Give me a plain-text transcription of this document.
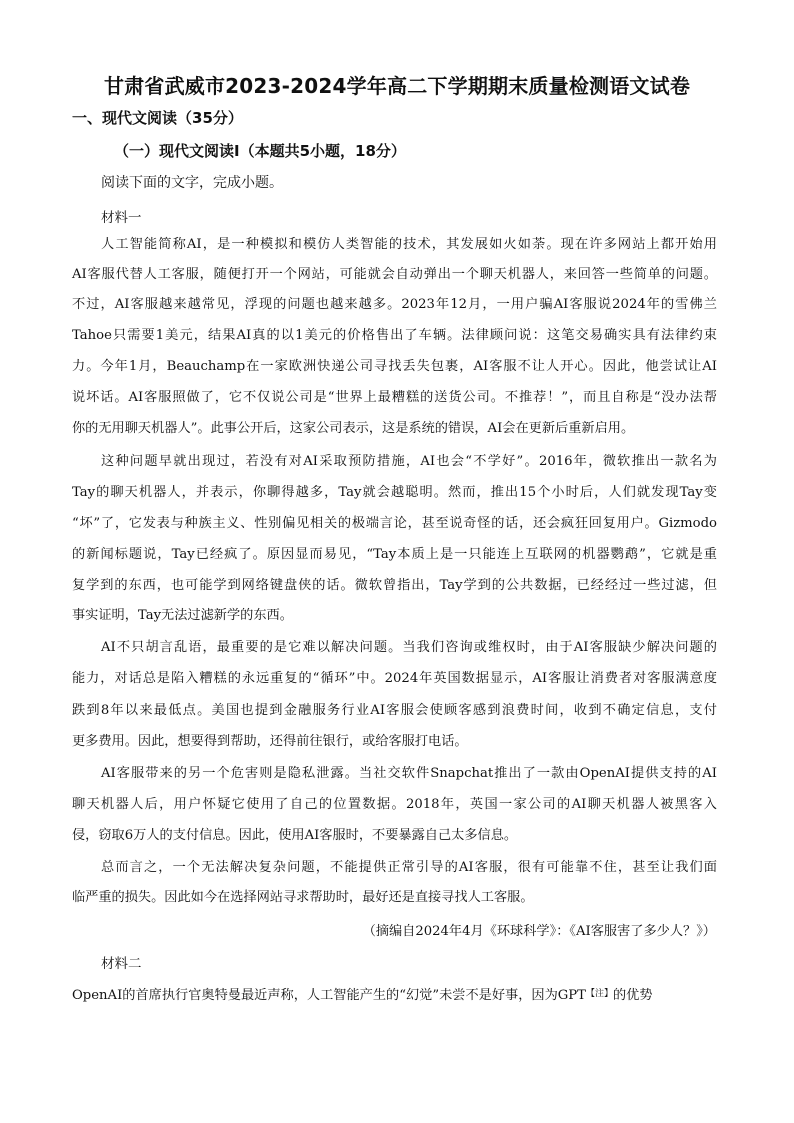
甘肃省武威市2023-2024学年高二下学期期末质量检测语文试卷
一、现代文阅读（35分）
（一）现代文阅读Ⅰ（本题共5小题，18分）
阅读下面的文字，完成小题。
材料一
人工智能简称AI，是一种模拟和模仿人类智能的技术，其发展如火如荼。现在许多网站上都开始用
AI客服代替人工客服，随便打开一个网站，可能就会自动弹出一个聊天机器人，来回答一些简单的问题。
不过，AI客服越来越常见，浮现的问题也越来越多。2023年12月，一用户骗AI客服说2024年的雪佛兰
Tahoe只需要1美元，结果AI真的以1美元的价格售出了车辆。法律顾问说：这笔交易确实具有法律约束
力。今年1月，Beauchamp在一家欧洲快递公司寻找丢失包裹，AI客服不让人开心。因此，他尝试让AI
说坏话。AI客服照做了，它不仅说公司是“世界上最糟糕的送货公司。不推荐！”，而且自称是“没办法帮
你的无用聊天机器人”。此事公开后，这家公司表示，这是系统的错误，AI会在更新后重新启用。
这种问题早就出现过，若没有对AI采取预防措施，AI也会“不学好”。2016年，微软推出一款名为
Tay的聊天机器人，并表示，你聊得越多，Tay就会越聪明。然而，推出15个小时后，人们就发现Tay变
“坏”了，它发表与种族主义、性别偏见相关的极端言论，甚至说奇怪的话，还会疯狂回复用户。Gizmodo
的新闻标题说，Tay已经疯了。原因显而易见，“Tay本质上是一只能连上互联网的机器鹦鹉”，它就是重
复学到的东西，也可能学到网络键盘侠的话。微软曾指出，Tay学到的公共数据，已经经过一些过滤，但
事实证明，Tay无法过滤新学的东西。
AI不只胡言乱语，最重要的是它难以解决问题。当我们咨询或维权时，由于AI客服缺少解决问题的
能力，对话总是陷入糟糕的永远重复的“循环”中。2024年英国数据显示，AI客服让消费者对客服满意度
跌到8年以来最低点。美国也提到金融服务行业AI客服会使顾客感到浪费时间，收到不确定信息，支付
更多费用。因此，想要得到帮助，还得前往银行，或给客服打电话。
AI客服带来的另一个危害则是隐私泄露。当社交软件Snapchat推出了一款由OpenAI提供支持的AI
聊天机器人后，用户怀疑它使用了自己的位置数据。2018年，英国一家公司的AI聊天机器人被黑客入
侵，窃取6万人的支付信息。因此，使用AI客服时，不要暴露自己太多信息。
总而言之，一个无法解决复杂问题，不能提供正常引导的AI客服，很有可能靠不住，甚至让我们面
临严重的损失。因此如今在选择网站寻求帮助时，最好还是直接寻找人工客服。
（摘编自2024年4月《环球科学》：《AI客服害了多少人？》）
材料二
OpenAI的首席执行官奥特曼最近声称，人工智能产生的“幻觉”未尝不是好事，因为GPT$^{【注】}$的优势
